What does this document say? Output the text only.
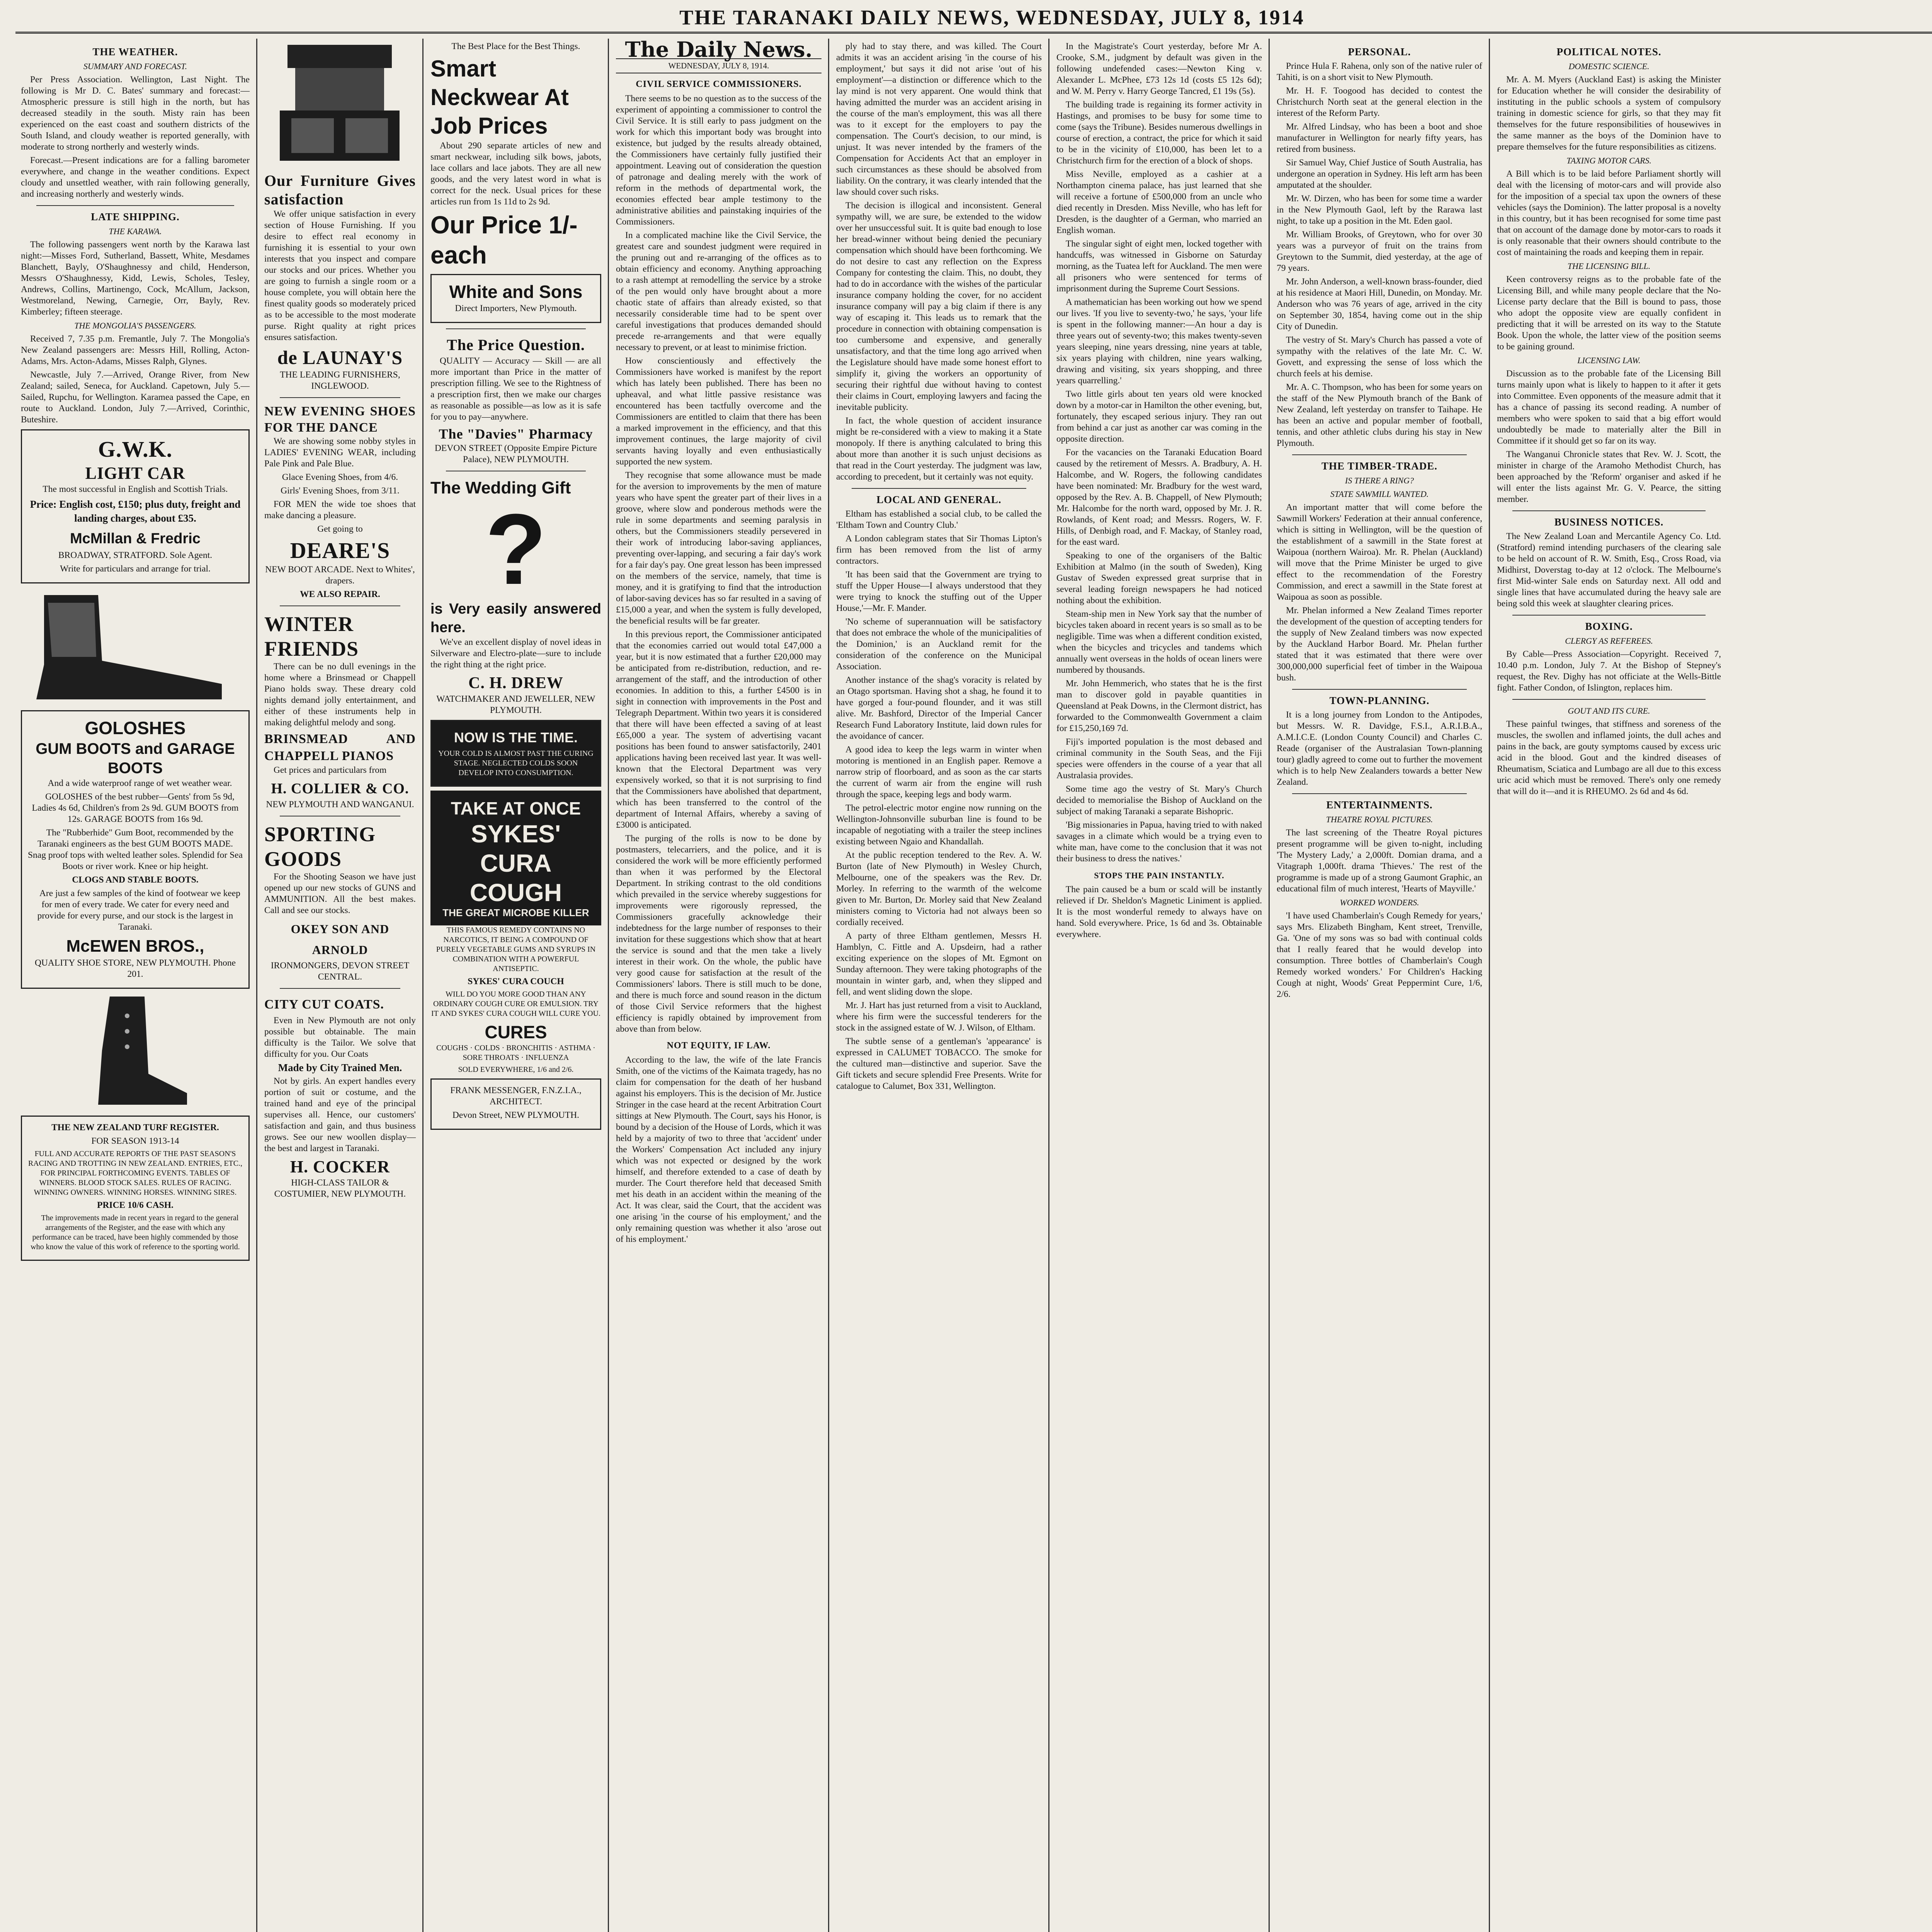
THE TARANAKI DAILY NEWS, WEDNESDAY, JULY 8, 1914
THE WEATHER.
SUMMARY AND FORECAST.

Per Press Association. Wellington, Last Night. The following is Mr D. C. Bates' summary and forecast:— Atmospheric pressure is still high in the north, but has decreased steadily in the south. Misty rain has been experienced on the east coast and southern districts of the South Island, and cloudy weather is reported generally, with moderate to strong northerly and westerly winds.

Forecast.—Present indications are for a falling barometer everywhere, and change in the weather conditions. Expect cloudy and unsettled weather, with rain following generally, and increasing northerly and westerly winds.

LATE SHIPPING.
THE KARAWA.

The following passengers went north by the Karawa last night:—Misses Ford, Sutherland, Bassett, White, Mesdames Blanchett, Bayly, O'Shaughnessy and child, Henderson, Messrs O'Shaughnessy, Kidd, Lewis, Scholes, Tesley, Andrews, Collins, Martinengo, Cock, McAllum, Jackson, Westmoreland, Newing, Carnegie, Orr, Bayly, Rev. Kimberley; fifteen steerage.

THE MONGOLIA'S PASSENGERS.

Received 7, 7.35 p.m. Fremantle, July 7. The Mongolia's New Zealand passengers are: Messrs Hill, Rolling, Acton-Adams, Mrs. Acton-Adams, Misses Ralph, Glynes.

Newcastle, July 7.—Arrived, Orange River, from New Zealand; sailed, Seneca, for Auckland. Capetown, July 5.—Sailed, Rupchu, for Wellington. Karamea passed the Cape, en route to Auckland. London, July 7.—Arrived, Corinthic, Buteshire.

G.W.K.
LIGHT CAR

The most successful in English and Scottish Trials.

Price: English cost, £150; plus duty, freight and landing charges, about £35.

McMillan & Fredric

BROADWAY, STRATFORD. Sole Agent.

Write for particulars and arrange for trial.

GOLOSHES
GUM BOOTS and GARAGE BOOTS

And a wide waterproof range of wet weather wear.

GOLOSHES of the best rubber—Gents' from 5s 9d, Ladies 4s 6d, Children's from 2s 9d. GUM BOOTS from 12s. GARAGE BOOTS from 16s 9d.

The "Rubberhide" Gum Boot, recommended by the Taranaki engineers as the best GUM BOOTS MADE. Snag proof tops with welted leather soles. Splendid for Sea Boots or river work. Knee or hip height.

CLOGS AND STABLE BOOTS.

Are just a few samples of the kind of footwear we keep for men of every trade. We cater for every need and provide for every purse, and our stock is the largest in Taranaki.

McEWEN BROS.,

QUALITY SHOE STORE, NEW PLYMOUTH. Phone 201.

THE NEW ZEALAND TURF REGISTER.

FOR SEASON 1913-14

FULL AND ACCURATE REPORTS OF THE PAST SEASON'S RACING AND TROTTING IN NEW ZEALAND. ENTRIES, ETC., FOR PRINCIPAL FORTHCOMING EVENTS. TABLES OF WINNERS. BLOOD STOCK SALES. RULES OF RACING. WINNING OWNERS. WINNING HORSES. WINNING SIRES.

PRICE 10/6 CASH.

The improvements made in recent years in regard to the general arrangements of the Register, and the ease with which any performance can be traced, have been highly commended by those who know the value of this work of reference to the sporting world.

Our Furniture Gives satisfaction

We offer unique satisfaction in every section of House Furnishing. If you desire to effect real economy in furnishing it is essential to your own interests that you inspect and compare our stocks and our prices. Whether you are going to furnish a single room or a house complete, you will obtain here the finest quality goods so moderately priced as to be accessible to the most moderate purse. Right quality at right prices ensures satisfaction.

de LAUNAY'S

THE LEADING FURNISHERS, INGLEWOOD.

NEW EVENING SHOES FOR THE DANCE

We are showing some nobby styles in LADIES' EVENING WEAR, including Pale Pink and Pale Blue.

Glace Evening Shoes, from 4/6.

Girls' Evening Shoes, from 3/11.

FOR MEN the wide toe shoes that make dancing a pleasure.

Get going to

DEARE'S

NEW BOOT ARCADE. Next to Whites', drapers.

WE ALSO REPAIR.

WINTER FRIENDS

There can be no dull evenings in the home where a Brinsmead or Chappell Piano holds sway. These dreary cold nights demand jolly entertainment, and either of these instruments help in making delightful melody and song.

BRINSMEAD AND CHAPPELL PIANOS

Get prices and particulars from

H. COLLIER & CO.

NEW PLYMOUTH AND WANGANUI.

SPORTING GOODS

For the Shooting Season we have just opened up our new stocks of GUNS and AMMUNITION. All the best makes. Call and see our stocks.

OKEY SON AND ARNOLD

IRONMONGERS, DEVON STREET CENTRAL.

CITY CUT COATS.

Even in New Plymouth are not only possible but obtainable. The main difficulty is the Tailor. We solve that difficulty for you. Our Coats

Made by City Trained Men.

Not by girls. An expert handles every portion of suit or costume, and the trained hand and eye of the principal supervises all. Hence, our customers' satisfaction and gain, and thus business grows. See our new woollen display—the best and largest in Taranaki.

H. COCKER

HIGH-CLASS TAILOR & COSTUMIER, NEW PLYMOUTH.

The Best Place for the Best Things.

Smart Neckwear At Job Prices

About 290 separate articles of new and smart neckwear, including silk bows, jabots, lace collars and lace jabots. They are all new goods, and the very latest word in what is correct for the neck. Usual prices for these articles run from 1s 11d to 2s 9d.

Our Price 1/- each
White and Sons

Direct Importers, New Plymouth.

The Price Question.

QUALITY — Accuracy — Skill — are all more important than Price in the matter of prescription filling. We see to the Rightness of a prescription first, then we make our charges as reasonable as possible—as low as it is safe for you to pay—anywhere.

The "Davies" Pharmacy

DEVON STREET (Opposite Empire Picture Palace), NEW PLYMOUTH.

The Wedding Gift
?
is Very easily answered here.

We've an excellent display of novel ideas in Silverware and Electro-plate—sure to include the right thing at the right price.

C. H. DREW

WATCHMAKER AND JEWELLER, NEW PLYMOUTH.

NOW IS THE TIME.

YOUR COLD IS ALMOST PAST THE CURING STAGE. NEGLECTED COLDS SOON DEVELOP INTO CONSUMPTION.

TAKE AT ONCE
SYKES' CURA COUGH
THE GREAT MICROBE KILLER

THIS FAMOUS REMEDY CONTAINS NO NARCOTICS, IT BEING A COMPOUND OF PURELY VEGETABLE GUMS AND SYRUPS IN COMBINATION WITH A POWERFUL ANTISEPTIC.

SYKES' CURA COUCH

WILL DO YOU MORE GOOD THAN ANY ORDINARY COUGH CURE OR EMULSION. TRY IT AND SYKES' CURA COUGH WILL CURE YOU.

CURES

COUGHS · COLDS · BRONCHITIS · ASTHMA · SORE THROATS · INFLUENZA

SOLD EVERYWHERE, 1/6 and 2/6.

FRANK MESSENGER, F.N.Z.I.A., ARCHITECT.

Devon Street, NEW PLYMOUTH.

The Daily News.
WEDNESDAY, JULY 8, 1914.
CIVIL SERVICE COMMISSIONERS.

There seems to be no question as to the success of the experiment of appointing a commissioner to control the Civil Service. It is still early to pass judgment on the work for which this important body was brought into existence, but judged by the results already obtained, the Commissioners have certainly fully justified their appointment. Leaving out of consideration the question of patronage and dealing merely with the work of reform in the methods of departmental work, the economies effected bear ample testimony to the administrative abilities and painstaking inquiries of the Commissioners.

In a complicated machine like the Civil Service, the greatest care and soundest judgment were required in the pruning out and re-arranging of the offices as to obtain efficiency and economy. Anything approaching to a rash attempt at remodelling the service by a stroke of the pen would only have brought about a more chaotic state of affairs than already existed, so that necessarily considerable time had to be spent over careful investigations that produces demanded should precede re-arrangements and that were equally necessary to prevent, or at least to minimise friction.

How conscientiously and effectively the Commissioners have worked is manifest by the report which has lately been published. There has been no upheaval, and what little passive resistance was encountered has been tactfully overcome and the Commissioners are entitled to claim that there has been a marked improvement in the efficiency, and that this improvement continues, the large majority of civil servants having loyally and even enthusiastically supported the new system.

They recognise that some allowance must be made for the aversion to improvements by the men of mature years who have spent the greater part of their lives in a groove, where slow and ponderous methods were the rule in some departments and seeming paralysis in others, but the Commissioners steadily persevered in their work of introducing labor-saving appliances, preventing over-lapping, and securing a fair day's work for a fair day's pay. One great lesson has been impressed on the members of the service, namely, that time is money, and it is gratifying to find that the introduction of labor-saving devices has so far resulted in a saving of £15,000 a year, and when the system is fully developed, the beneficial results will be far greater.

In this previous report, the Commissioner anticipated that the economies carried out would total £47,000 a year, but it is now estimated that a further £20,000 may be anticipated from re-distribution, reduction, and re-arrangement of the staff, and the introduction of other economies. In addition to this, a further £4500 is in sight in connection with improvements in the Post and Telegraph Department. Within two years it is considered that there will have been effected a saving of at least £65,000 a year. The system of advertising vacant positions has been found to answer satisfactorily, 2401 applications having been received last year. It was well-known that the Electoral Department was very expensively worked, so that it is not surprising to find that the Commissioners have abolished that department, which has been transferred to the control of the department of Internal Affairs, whereby a saving of £3000 is anticipated.

The purging of the rolls is now to be done by postmasters, telecarriers, and the police, and it is considered the work will be more efficiently performed than when it was performed by the Electoral Department. In striking contrast to the old conditions which prevailed in the service whereby suggestions for improvements were rigorously repressed, the Commissioners gracefully acknowledge their indebtedness for the large number of responses to their invitation for these suggestions which show that at heart the service is sound and that the men take a lively interest in their work. On the whole, the public have very good cause for satisfaction at the result of the Commissioners' labors. There is still much to be done, and there is much force and sound reason in the dictum of those Civil Service reformers that the highest efficiency is rapidly obtained by improvement from above than from below.

NOT EQUITY, IF LAW.

According to the law, the wife of the late Francis Smith, one of the victims of the Kaimata tragedy, has no claim for compensation for the death of her husband against his employers. This is the decision of Mr. Justice Stringer in the case heard at the recent Arbitration Court sittings at New Plymouth. The Court, says his Honor, is bound by a decision of the House of Lords, which it was held by a majority of two to three that 'accident' under the Workers' Compensation Act included any injury which was not expected or designed by the work himself, and therefore extended to a case of death by murder. The Court therefore held that deceased Smith met his death in an accident within the meaning of the Act. It was clear, said the Court, that the accident was one arising 'in the course of his employment,' and the only remaining question was whether it also 'arose out of his employment.'

ply had to stay there, and was killed. The Court admits it was an accident arising 'in the course of his employment,' but says it did not arise 'out of his employment'—a distinction or difference which to the lay mind is not very apparent. One would think that having admitted the murder was an accident arising in the course of the man's employment, this was all there was to it except for the employers to pay the compensation. The Court's decision, to our mind, is unjust. It was never intended by the framers of the Compensation for Accidents Act that an employer in such circumstances as these should be absolved from liability. On the contrary, it was clearly intended that the law should cover such risks.

The decision is illogical and inconsistent. General sympathy will, we are sure, be extended to the widow over her unsuccessful suit. It is quite bad enough to lose her bread-winner without being denied the pecuniary compensation which should have been forthcoming. We do not desire to cast any reflection on the Express Company for contesting the claim. This, no doubt, they had to do in accordance with the wishes of the particular insurance company holding the cover, for no accident insurance company will pay a big claim if there is any way of escaping it. This leads us to remark that the procedure in connection with obtaining compensation is too cumbersome and expensive, and generally unsatisfactory, and that the time long ago arrived when the Legislature should have made some honest effort to simplify it, giving the workers an opportunity of securing their rightful due without having to contest their claims in Court, employing lawyers and facing the inevitable publicity.

In fact, the whole question of accident insurance might be re-considered with a view to making it a State monopoly. If there is anything calculated to bring this about more than another it is such unjust decisions as that read in the Court yesterday. The judgment was law, according to precedent, but it certainly was not equity.

LOCAL AND GENERAL.

Eltham has established a social club, to be called the 'Eltham Town and Country Club.'

A London cablegram states that Sir Thomas Lipton's firm has been removed from the list of army contractors.

'It has been said that the Government are trying to stuff the Upper House—I always understood that they were trying to knock the stuffing out of the Upper House,'—Mr. F. Mander.

'No scheme of superannuation will be satisfactory that does not embrace the whole of the municipalities of the Dominion,' is an Auckland remit for the consideration of the conference on the Municipal Association.

Another instance of the shag's voracity is related by an Otago sportsman. Having shot a shag, he found it to have gorged a four-pound flounder, and it was still alive. Mr. Bashford, Director of the Imperial Cancer Research Fund Laboratory Institute, laid down rules for the avoidance of cancer.

A good idea to keep the legs warm in winter when motoring is mentioned in an English paper. Remove a narrow strip of floorboard, and as soon as the car starts the current of warm air from the engine will rush through the space, keeping legs and body warm.

The petrol-electric motor engine now running on the Wellington-Johnsonville suburban line is found to be incapable of negotiating with a trailer the steep inclines existing between Ngaio and Khandallah.

At the public reception tendered to the Rev. A. W. Burton (late of New Plymouth) in Wesley Church, Melbourne, one of the speakers was the Rev. Dr. Morley. In referring to the warmth of the welcome given to Mr. Burton, Dr. Morley said that New Zealand ministers coming to Victoria had not always been so cordially received.

A party of three Eltham gentlemen, Messrs H. Hamblyn, C. Fittle and A. Upsdeirn, had a rather exciting experience on the slopes of Mt. Egmont on Sunday afternoon. They were taking photographs of the mountain in winter garb, and, when they slipped and fell, and went sliding down the slope.

Mr. J. Hart has just returned from a visit to Auckland, where his firm were the successful tenderers for the stock in the assigned estate of W. J. Wilson, of Eltham.

The subtle sense of a gentleman's 'appearance' is expressed in CALUMET TOBACCO. The smoke for the cultured man—distinctive and superior. Save the Gift tickets and secure splendid Free Presents. Write for catalogue to Calumet, Box 331, Wellington.

In the Magistrate's Court yesterday, before Mr A. Crooke, S.M., judgment by default was given in the following undefended cases:—Newton King v. Alexander L. McPhee, £73 12s 1d (costs £5 12s 6d); and W. M. Perry v. Harry George Tancred, £1 19s (5s).

The building trade is regaining its former activity in Hastings, and promises to be busy for some time to come (says the Tribune). Besides numerous dwellings in course of erection, a contract, the price for which it said to be in the vicinity of £10,000, has been let to a Christchurch firm for the erection of a block of shops.

Miss Neville, employed as a cashier at a Northampton cinema palace, has just learned that she will receive a fortune of £500,000 from an uncle who died recently in Dresden. Miss Neville, who has left for Dresden, is the daughter of a German, who married an English woman.

The singular sight of eight men, locked together with handcuffs, was witnessed in Gisborne on Saturday morning, as the Tuatea left for Auckland. The men were all prisoners who were sentenced for terms of imprisonment during the Supreme Court Sessions.

A mathematician has been working out how we spend our lives. 'If you live to seventy-two,' he says, 'your life is spent in the following manner:—An hour a day is three years out of seventy-two; this makes twenty-seven years sleeping, nine years dressing, nine years at table, six years playing with children, nine years walking, drawing and visiting, six years shopping, and three years quarrelling.'

Two little girls about ten years old were knocked down by a motor-car in Hamilton the other evening, but, fortunately, they escaped serious injury. They ran out from behind a car just as another car was coming in the opposite direction.

For the vacancies on the Taranaki Education Board caused by the retirement of Messrs. A. Bradbury, A. H. Halcombe, and W. Rogers, the following candidates have been nominated: Mr. Bradbury for the west ward, opposed by the Rev. A. B. Chappell, of New Plymouth; Mr. Halcombe for the north ward, opposed by Mr. J. R. Rowlands, of Kent road; and Messrs. Rogers, W. F. Hills, of Denbigh road, and F. Mackay, of Stanley road, for the east ward.

Speaking to one of the organisers of the Baltic Exhibition at Malmo (in the south of Sweden), King Gustav of Sweden expressed great surprise that in several leading foreign newspapers he had noticed nothing about the exhibition.

Steam-ship men in New York say that the number of bicycles taken aboard in recent years is so small as to be negligible. Time was when a different condition existed, when the bicycles and tricycles and tandems which annually went overseas in the holds of ocean liners were numbered by thousands.

Mr. John Hemmerich, who states that he is the first man to discover gold in payable quantities in Queensland at Peak Downs, in the Clermont district, has forwarded to the Commonwealth Government a claim for £15,250,169 7d.

Fiji's imported population is the most debased and criminal community in the South Seas, and the Fiji species were offenders in the course of a year that all Australasia provides.

Some time ago the vestry of St. Mary's Church decided to memorialise the Bishop of Auckland on the subject of making Taranaki a separate Bishopric.

'Big missionaries in Papua, having tried to with naked savages in a climate which would be a trying even to white man, have come to the conclusion that it was not their business to dress the natives.'

STOPS THE PAIN INSTANTLY.

The pain caused be a bum or scald will be instantly relieved if Dr. Sheldon's Magnetic Liniment is applied. It is the most wonderful remedy to always have on hand. Sold everywhere. Price, 1s 6d and 3s. Obtainable everywhere.

PERSONAL.

Prince Hula F. Rahena, only son of the native ruler of Tahiti, is on a short visit to New Plymouth.

Mr. H. F. Toogood has decided to contest the Christchurch North seat at the general election in the interest of the Reform Party.

Mr. Alfred Lindsay, who has been a boot and shoe manufacturer in Wellington for nearly fifty years, has retired from business.

Sir Samuel Way, Chief Justice of South Australia, has undergone an operation in Sydney. His left arm has been amputated at the shoulder.

Mr. W. Dirzen, who has been for some time a warder in the New Plymouth Gaol, left by the Rarawa last night, to take up a position in the Mt. Eden gaol.

Mr. William Brooks, of Greytown, who for over 30 years was a purveyor of fruit on the trains from Greytown to the Summit, died yesterday, at the age of 79 years.

Mr. John Anderson, a well-known brass-founder, died at his residence at Maori Hill, Dunedin, on Monday. Mr. Anderson who was 76 years of age, arrived in the city on September 30, 1854, having come out in the ship City of Dunedin.

The vestry of St. Mary's Church has passed a vote of sympathy with the relatives of the late Mr. C. W. Govett, and expressing the sense of loss which the church feels at his demise.

Mr. A. C. Thompson, who has been for some years on the staff of the New Plymouth branch of the Bank of New Zealand, left yesterday on transfer to Taihape. He has been an active and popular member of football, tennis, and other athletic clubs during his stay in New Plymouth.

THE TIMBER-TRADE.
IS THERE A RING?
STATE SAWMILL WANTED.

An important matter that will come before the Sawmill Workers' Federation at their annual conference, which is sitting in Wellington, will be the question of the establishment of a sawmill in the State forest at Waipoua (northern Wairoa). Mr. R. Phelan (Auckland) will move that the Prime Minister be urged to give effect to the recommendation of the Forestry Commission, and erect a sawmill in the State forest at Waipoua as soon as possible.

Mr. Phelan informed a New Zealand Times reporter the development of the question of accepting tenders for the supply of New Zealand timbers was now expected by the Auckland Harbor Board. Mr. Phelan further stated that it was estimated that there were over 300,000,000 superficial feet of timber in the Waipoua bush.

TOWN-PLANNING.

It is a long journey from London to the Antipodes, but Messrs. W. R. Davidge, F.S.I., A.R.I.B.A., A.M.I.C.E. (London County Council) and Charles C. Reade (organiser of the Australasian Town-planning tour) gladly agreed to come out to further the movement which is to help New Zealanders towards a better New Zealand.

ENTERTAINMENTS.
THEATRE ROYAL PICTURES.

The last screening of the Theatre Royal pictures present programme will be given to-night, including 'The Mystery Lady,' a 2,000ft. Domian drama, and a Vitagraph 1,000ft. drama 'Thieves.' The rest of the programme is made up of a strong Gaumont Graphic, an educational film of much interest, 'Hearts of Mayville.'

WORKED WONDERS.

'I have used Chamberlain's Cough Remedy for years,' says Mrs. Elizabeth Bingham, Kent street, Trenville, Ga. 'One of my sons was so bad with continual colds that I really feared that he would develop into consumption. Three bottles of Chamberlain's Cough Remedy worked wonders.' For Children's Hacking Cough at night, Woods' Great Peppermint Cure, 1/6, 2/6.

POLITICAL NOTES.
DOMESTIC SCIENCE.

Mr. A. M. Myers (Auckland East) is asking the Minister for Education whether he will consider the desirability of instituting in the public schools a system of compulsory training in domestic science for girls, so that they may fit themselves for the future responsibilities of housewives in the same manner as the boys of the Dominion have to prepare themselves for the future responsibilities as citizens.

TAXING MOTOR CARS.

A Bill which is to be laid before Parliament shortly will deal with the licensing of motor-cars and will provide also for the imposition of a special tax upon the owners of these vehicles (says the Dominion). The latter proposal is a novelty in this country, but it has been recognised for some time past that on account of the damage done by motor-cars to roads it is only reasonable that their owners should contribute to the cost of maintaining the roads and keeping them in repair.

THE LICENSING BILL.

Keen controversy reigns as to the probable fate of the Licensing Bill, and while many people declare that the No-License party declare that the Bill is bound to pass, those who adopt the opposite view are equally confident in predicting that it will be arrested on its way to the Statute Book. Upon the whole, the latter view of the position seems to be gaining ground.

LICENSING LAW.

Discussion as to the probable fate of the Licensing Bill turns mainly upon what is likely to happen to it after it gets into Committee. Even opponents of the measure admit that it has a chance of passing its second reading. A number of members who were spoken to said that a big effort would undoubtedly be made to materially alter the Bill in Committee if it should get so far on its way.

The Wanganui Chronicle states that Rev. W. J. Scott, the minister in charge of the Aramoho Methodist Church, has been approached by the 'Reform' organiser and asked if he will enter the lists against Mr. G. V. Pearce, the sitting member.

BUSINESS NOTICES.

The New Zealand Loan and Mercantile Agency Co. Ltd. (Stratford) remind intending purchasers of the clearing sale to be held on account of R. W. Smith, Esq., Cross Road, via Midhirst, Doverstag to-day at 12 o'clock. The Melbourne's first Mid-winter Sale ends on Saturday next. All odd and single lines that have accumulated during the heavy sale are being sold this week at slaughter clearing prices.

BOXING.
CLERGY AS REFEREES.

By Cable—Press Association—Copyright. Received 7, 10.40 p.m. London, July 7. At the Bishop of Stepney's request, the Rev. Dighy has not officiate at the Wells-Bittle fight. Father Condon, of Islington, replaces him.

GOUT AND ITS CURE.

These painful twinges, that stiffness and soreness of the muscles, the swollen and inflamed joints, the dull aches and pains in the back, are gouty symptoms caused by excess uric acid in the blood. Gout and the kindred diseases of Rheumatism, Sciatica and Lumbago are all due to this excess uric acid which must be removed. There's only one remedy that will do it—and it is RHEUMO. 2s 6d and 4s 6d.
